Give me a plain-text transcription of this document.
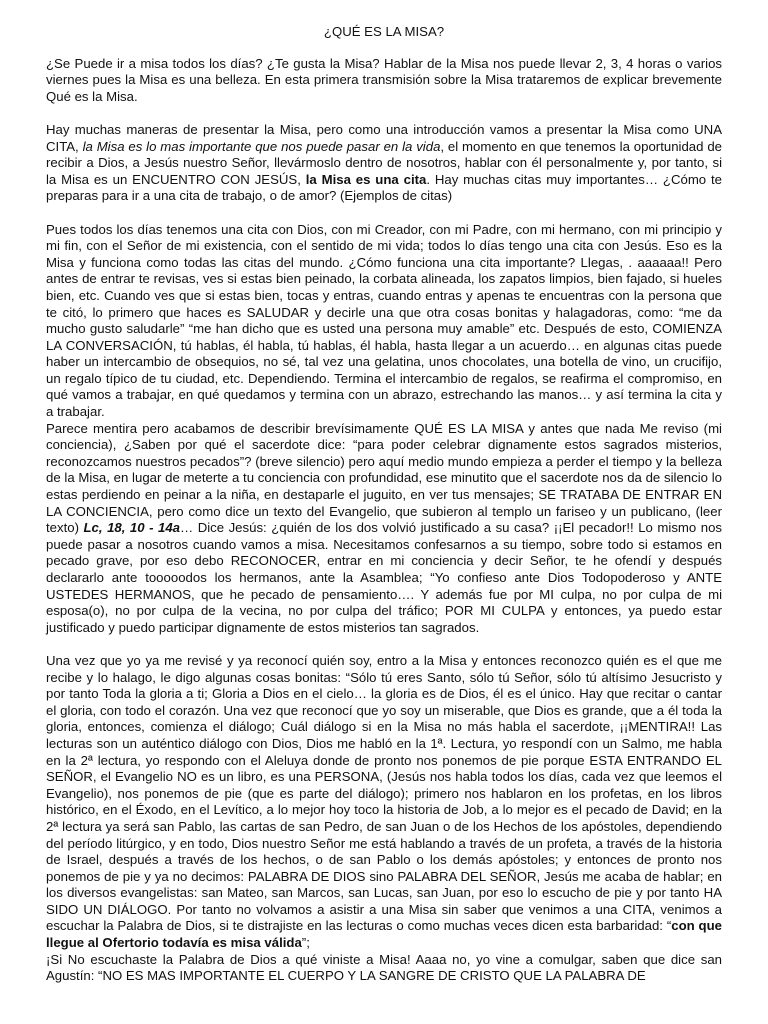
¿QUÉ ES LA MISA?

¿Se Puede ir a misa todos los días? ¿Te gusta la Misa? Hablar de la Misa nos puede llevar 2, 3, 4 horas o varios viernes pues la Misa es una belleza. En esta primera transmisión sobre la Misa trataremos de explicar brevemente Qué es la Misa.

Hay muchas maneras de presentar la Misa, pero como una introducción vamos a presentar la Misa como UNA CITA, la Misa es lo mas importante que nos puede pasar en la vida, el momento en que tenemos la oportunidad de recibir a Dios, a Jesús nuestro Señor, llevármoslo dentro de nosotros, hablar con él personalmente y, por tanto, si la Misa es un ENCUENTRO CON JESÚS, la Misa es una cita. Hay muchas citas muy importantes… ¿Cómo te preparas para ir a una cita de trabajo, o de amor? (Ejemplos de citas)

Pues todos los días tenemos una cita con Dios, con mi Creador, con mi Padre, con mi hermano, con mi principio y mi fin, con el Señor de mi existencia, con el sentido de mi vida; todos lo días tengo una cita con Jesús. Eso es la Misa y funciona como todas las citas del mundo. ¿Cómo funciona una cita importante? Llegas, . aaaaaa!! Pero antes de entrar te revisas, ves si estas bien peinado, la corbata alineada, los zapatos limpios, bien fajado, si hueles bien, etc. Cuando ves que si estas bien, tocas y entras, cuando entras y apenas te encuentras con la persona que te citó, lo primero que haces es SALUDAR y decirle una que otra cosas bonitas y halagadoras, como: “me da mucho gusto saludarle” “me han dicho que es usted una persona muy amable” etc. Después de esto, COMIENZA LA CONVERSACIÓN, tú hablas, él habla, tú hablas, él habla, hasta llegar a un acuerdo… en algunas citas puede haber un intercambio de obsequios, no sé, tal vez una gelatina, unos chocolates, una botella de vino, un crucifijo, un regalo típico de tu ciudad, etc. Dependiendo. Termina el intercambio de regalos, se reafirma el compromiso, en qué vamos a trabajar, en qué quedamos y termina con un abrazo, estrechando las manos… y así termina la cita y a trabajar.

Parece mentira pero acabamos de describir brevísimamente QUÉ ES LA MISA y antes que nada Me reviso (mi conciencia), ¿Saben por qué el sacerdote dice: “para poder celebrar dignamente estos sagrados misterios, reconozcamos nuestros pecados”? (breve silencio) pero aquí medio mundo empieza a perder el tiempo y la belleza de la Misa, en lugar de meterte a tu conciencia con profundidad, ese minutito que el sacerdote nos da de silencio lo estas perdiendo en peinar a la niña, en destaparle el juguito, en ver tus mensajes; SE TRATABA DE ENTRAR EN LA CONCIENCIA, pero como dice un texto del Evangelio, que subieron al templo un fariseo y un publicano, (leer texto) Lc, 18, 10 - 14a… Dice Jesús: ¿quién de los dos volvió justificado a su casa? ¡¡El pecador!! Lo mismo nos puede pasar a nosotros cuando vamos a misa. Necesitamos confesarnos a su tiempo, sobre todo si estamos en pecado grave, por eso debo RECONOCER, entrar en mi conciencia y decir Señor, te he ofendí y después declararlo ante tooooodos los hermanos, ante la Asamblea; “Yo confieso ante Dios Todopoderoso y ANTE USTEDES HERMANOS, que he pecado de pensamiento…. Y además fue por MI culpa, no por culpa de mi esposa(o), no por culpa de la vecina, no por culpa del tráfico; POR MI CULPA y entonces, ya puedo estar justificado y puedo participar dignamente de estos misterios tan sagrados.

Una vez que yo ya me revisé y ya reconocí quién soy, entro a la Misa y entonces reconozco quién es el que me recibe y lo halago, le digo algunas cosas bonitas: “Sólo tú eres Santo, sólo tú Señor, sólo tú altísimo Jesucristo y por tanto Toda la gloria a ti; Gloria a Dios en el cielo… la gloria es de Dios, él es el único. Hay que recitar o cantar el gloria, con todo el corazón. Una vez que reconocí que yo soy un miserable, que Dios es grande, que a él toda la gloria, entonces, comienza el diálogo; Cuál diálogo si en la Misa no más habla el sacerdote, ¡¡MENTIRA!! Las lecturas son un auténtico diálogo con Dios, Dios me habló en la 1ª. Lectura, yo respondí con un Salmo, me habla en la 2ª lectura, yo respondo con el Aleluya donde de pronto nos ponemos de pie porque ESTA ENTRANDO EL SEÑOR, el Evangelio NO es un libro, es una PERSONA, (Jesús nos habla todos los días, cada vez que leemos el Evangelio), nos ponemos de pie (que es parte del diálogo); primero nos hablaron en los profetas, en los libros histórico, en el Éxodo, en el Levítico, a lo mejor hoy toco la historia de Job, a lo mejor es el pecado de David; en la 2ª lectura ya será san Pablo, las cartas de san Pedro, de san Juan o de los Hechos de los apóstoles, dependiendo del período litúrgico, y en todo, Dios nuestro Señor me está hablando a través de un profeta, a través de la historia de Israel, después a través de los hechos, o de san Pablo o los demás apóstoles; y entonces de pronto nos ponemos de pie y ya no decimos: PALABRA DE DIOS sino PALABRA DEL SEÑOR, Jesús me acaba de hablar; en los diversos evangelistas: san Mateo, san Marcos, san Lucas, san Juan, por eso lo escucho de pie y por tanto HA SIDO UN DIÁLOGO. Por tanto no volvamos a asistir a una Misa sin saber que venimos a una CITA, venimos a escuchar la Palabra de Dios, si te distrajiste en las lecturas o como muchas veces dicen esta barbaridad: “con que llegue al Ofertorio todavía es misa válida”;

¡Si No escuchaste la Palabra de Dios a qué viniste a Misa! Aaaa no, yo vine a comulgar, saben que dice san Agustín: “NO ES MAS IMPORTANTE EL CUERPO Y LA SANGRE DE CRISTO QUE LA PALABRA DE
